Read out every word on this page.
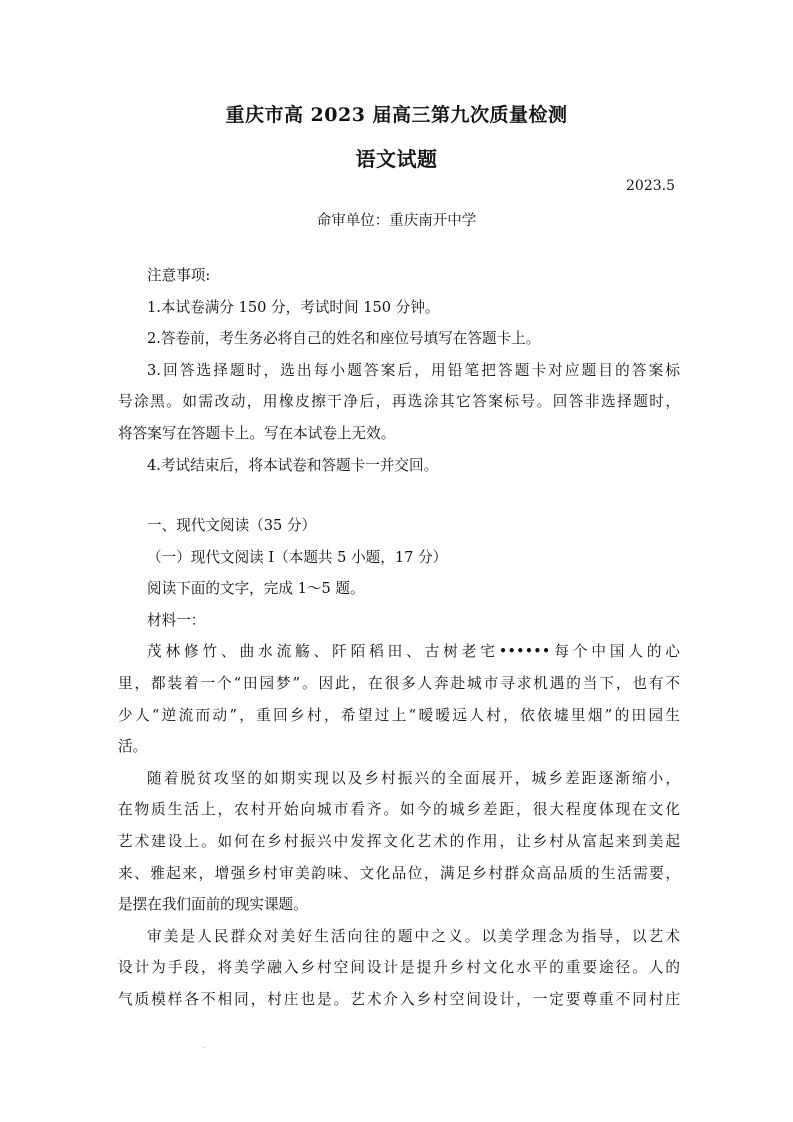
重庆市高 2023 届高三第九次质量检测
语文试题
2023.5
命审单位：重庆南开中学

注意事项:

1.本试卷满分 150 分，考试时间 150 分钟。

2.答卷前，考生务必将自己的姓名和座位号填写在答题卡上。

3.回答选择题时，选出每小题答案后，用铅笔把答题卡对应题目的答案标

号涂黑。如需改动，用橡皮擦干净后，再选涂其它答案标号。回答非选择题时，

将答案写在答题卡上。写在本试卷上无效。

4.考试结束后，将本试卷和答题卡一并交回。

一、现代文阅读（35 分）

（一）现代文阅读 I（本题共 5 小题，17 分）

阅读下面的文字，完成 1～5 题。

材料一：

茂林修竹、曲水流觞、阡陌稻田、古树老宅••••••每个中国人的心

里，都装着一个“田园梦”。因此，在很多人奔赴城市寻求机遇的当下，也有不

少人“逆流而动”，重回乡村，希望过上“暧暧远人村，依依墟里烟”的田园生

活。

随着脱贫攻坚的如期实现以及乡村振兴的全面展开，城乡差距逐渐缩小，

在物质生活上，农村开始向城市看齐。如今的城乡差距，很大程度体现在文化

艺术建设上。如何在乡村振兴中发挥文化艺术的作用，让乡村从富起来到美起

来、雅起来，增强乡村审美韵味、文化品位，满足乡村群众高品质的生活需要，

是摆在我们面前的现实课题。

审美是人民群众对美好生活向往的题中之义。以美学理念为指导，以艺术

设计为手段，将美学融入乡村空间设计是提升乡村文化水平的重要途径。人的

气质模样各不相同，村庄也是。艺术介入乡村空间设计，一定要尊重不同村庄

.
